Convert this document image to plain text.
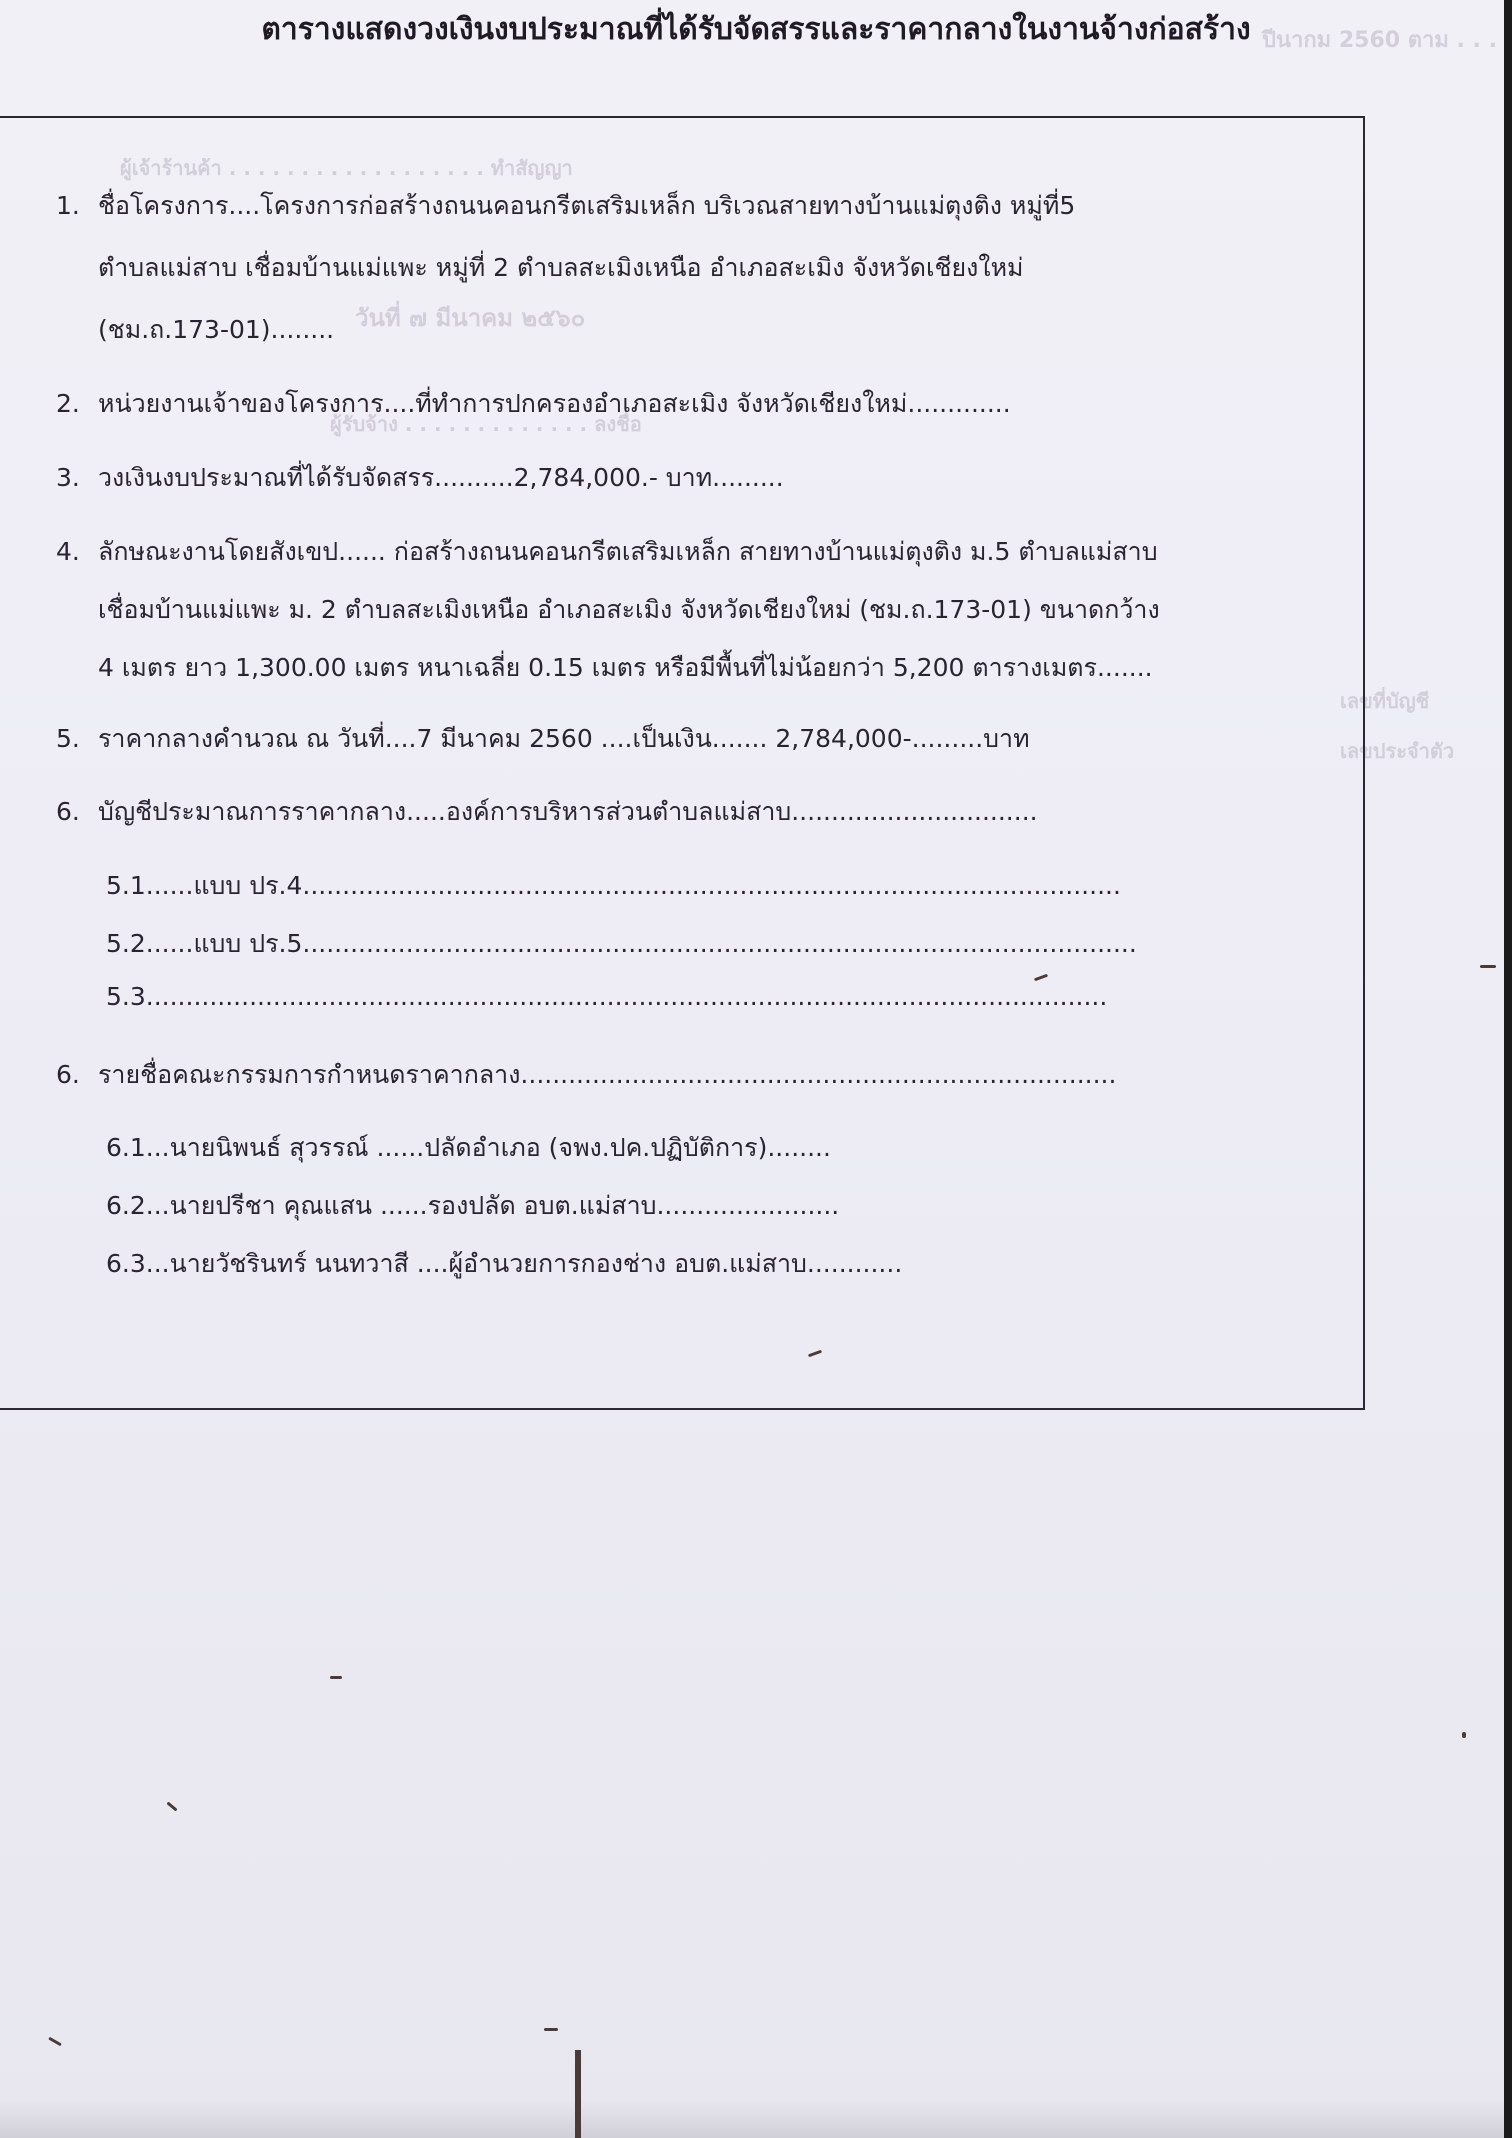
ปีนากม 2560 ตาม . . .
ผู้เจ้าร้านค้า . . . . . . . . . . . . . . . . . . ทำสัญญา
วันที่ ๗ มีนาคม ๒๕๖๐
ผู้รับจ้าง . . . . . . . . . . . . . ลงชื่อ
เลขที่บัญชี
เลขประจำตัว
ตารางแสดงวงเงินงบประมาณที่ได้รับจัดสรรและราคากลางในงานจ้างก่อสร้าง
1. ชื่อโครงการ....โครงการก่อสร้างถนนคอนกรีตเสริมเหล็ก บริเวณสายทางบ้านแม่ตุงติง หมู่ที่5
ตำบลแม่สาบ เชื่อมบ้านแม่แพะ หมู่ที่ 2 ตำบลสะเมิงเหนือ อำเภอสะเมิง จังหวัดเชียงใหม่
(ชม.ถ.173-01)........
2. หน่วยงานเจ้าของโครงการ....ที่ทำการปกครองอำเภอสะเมิง จังหวัดเชียงใหม่.............
3. วงเงินงบประมาณที่ได้รับจัดสรร..........2,784,000.- บาท.........
4. ลักษณะงานโดยสังเขป...... ก่อสร้างถนนคอนกรีตเสริมเหล็ก สายทางบ้านแม่ตุงติง ม.5 ตำบลแม่สาบ
เชื่อมบ้านแม่แพะ ม. 2 ตำบลสะเมิงเหนือ อำเภอสะเมิง จังหวัดเชียงใหม่ (ชม.ถ.173-01) ขนาดกว้าง
4 เมตร ยาว 1,300.00 เมตร หนาเฉลี่ย 0.15 เมตร หรือมีพื้นที่ไม่น้อยกว่า 5,200 ตารางเมตร.......
5. ราคากลางคำนวณ ณ วันที่....7 มีนาคม 2560 ....เป็นเงิน....... 2,784,000-.........บาท
6. บัญชีประมาณการราคากลาง.....องค์การบริหารส่วนตำบลแม่สาบ...............................
5.1......แบบ ปร.4.......................................................................................................
5.2......แบบ ปร.5.........................................................................................................
5.3.........................................................................................................................
6. รายชื่อคณะกรรมการกำหนดราคากลาง...........................................................................
6.1...นายนิพนธ์ สุวรรณ์ ......ปลัดอำเภอ (จพง.ปค.ปฏิบัติการ)........
6.2...นายปรีชา คุณแสน ......รองปลัด อบต.แม่สาบ.......................
6.3...นายวัชรินทร์ นนทวาสี ....ผู้อำนวยการกองช่าง อบต.แม่สาบ............
